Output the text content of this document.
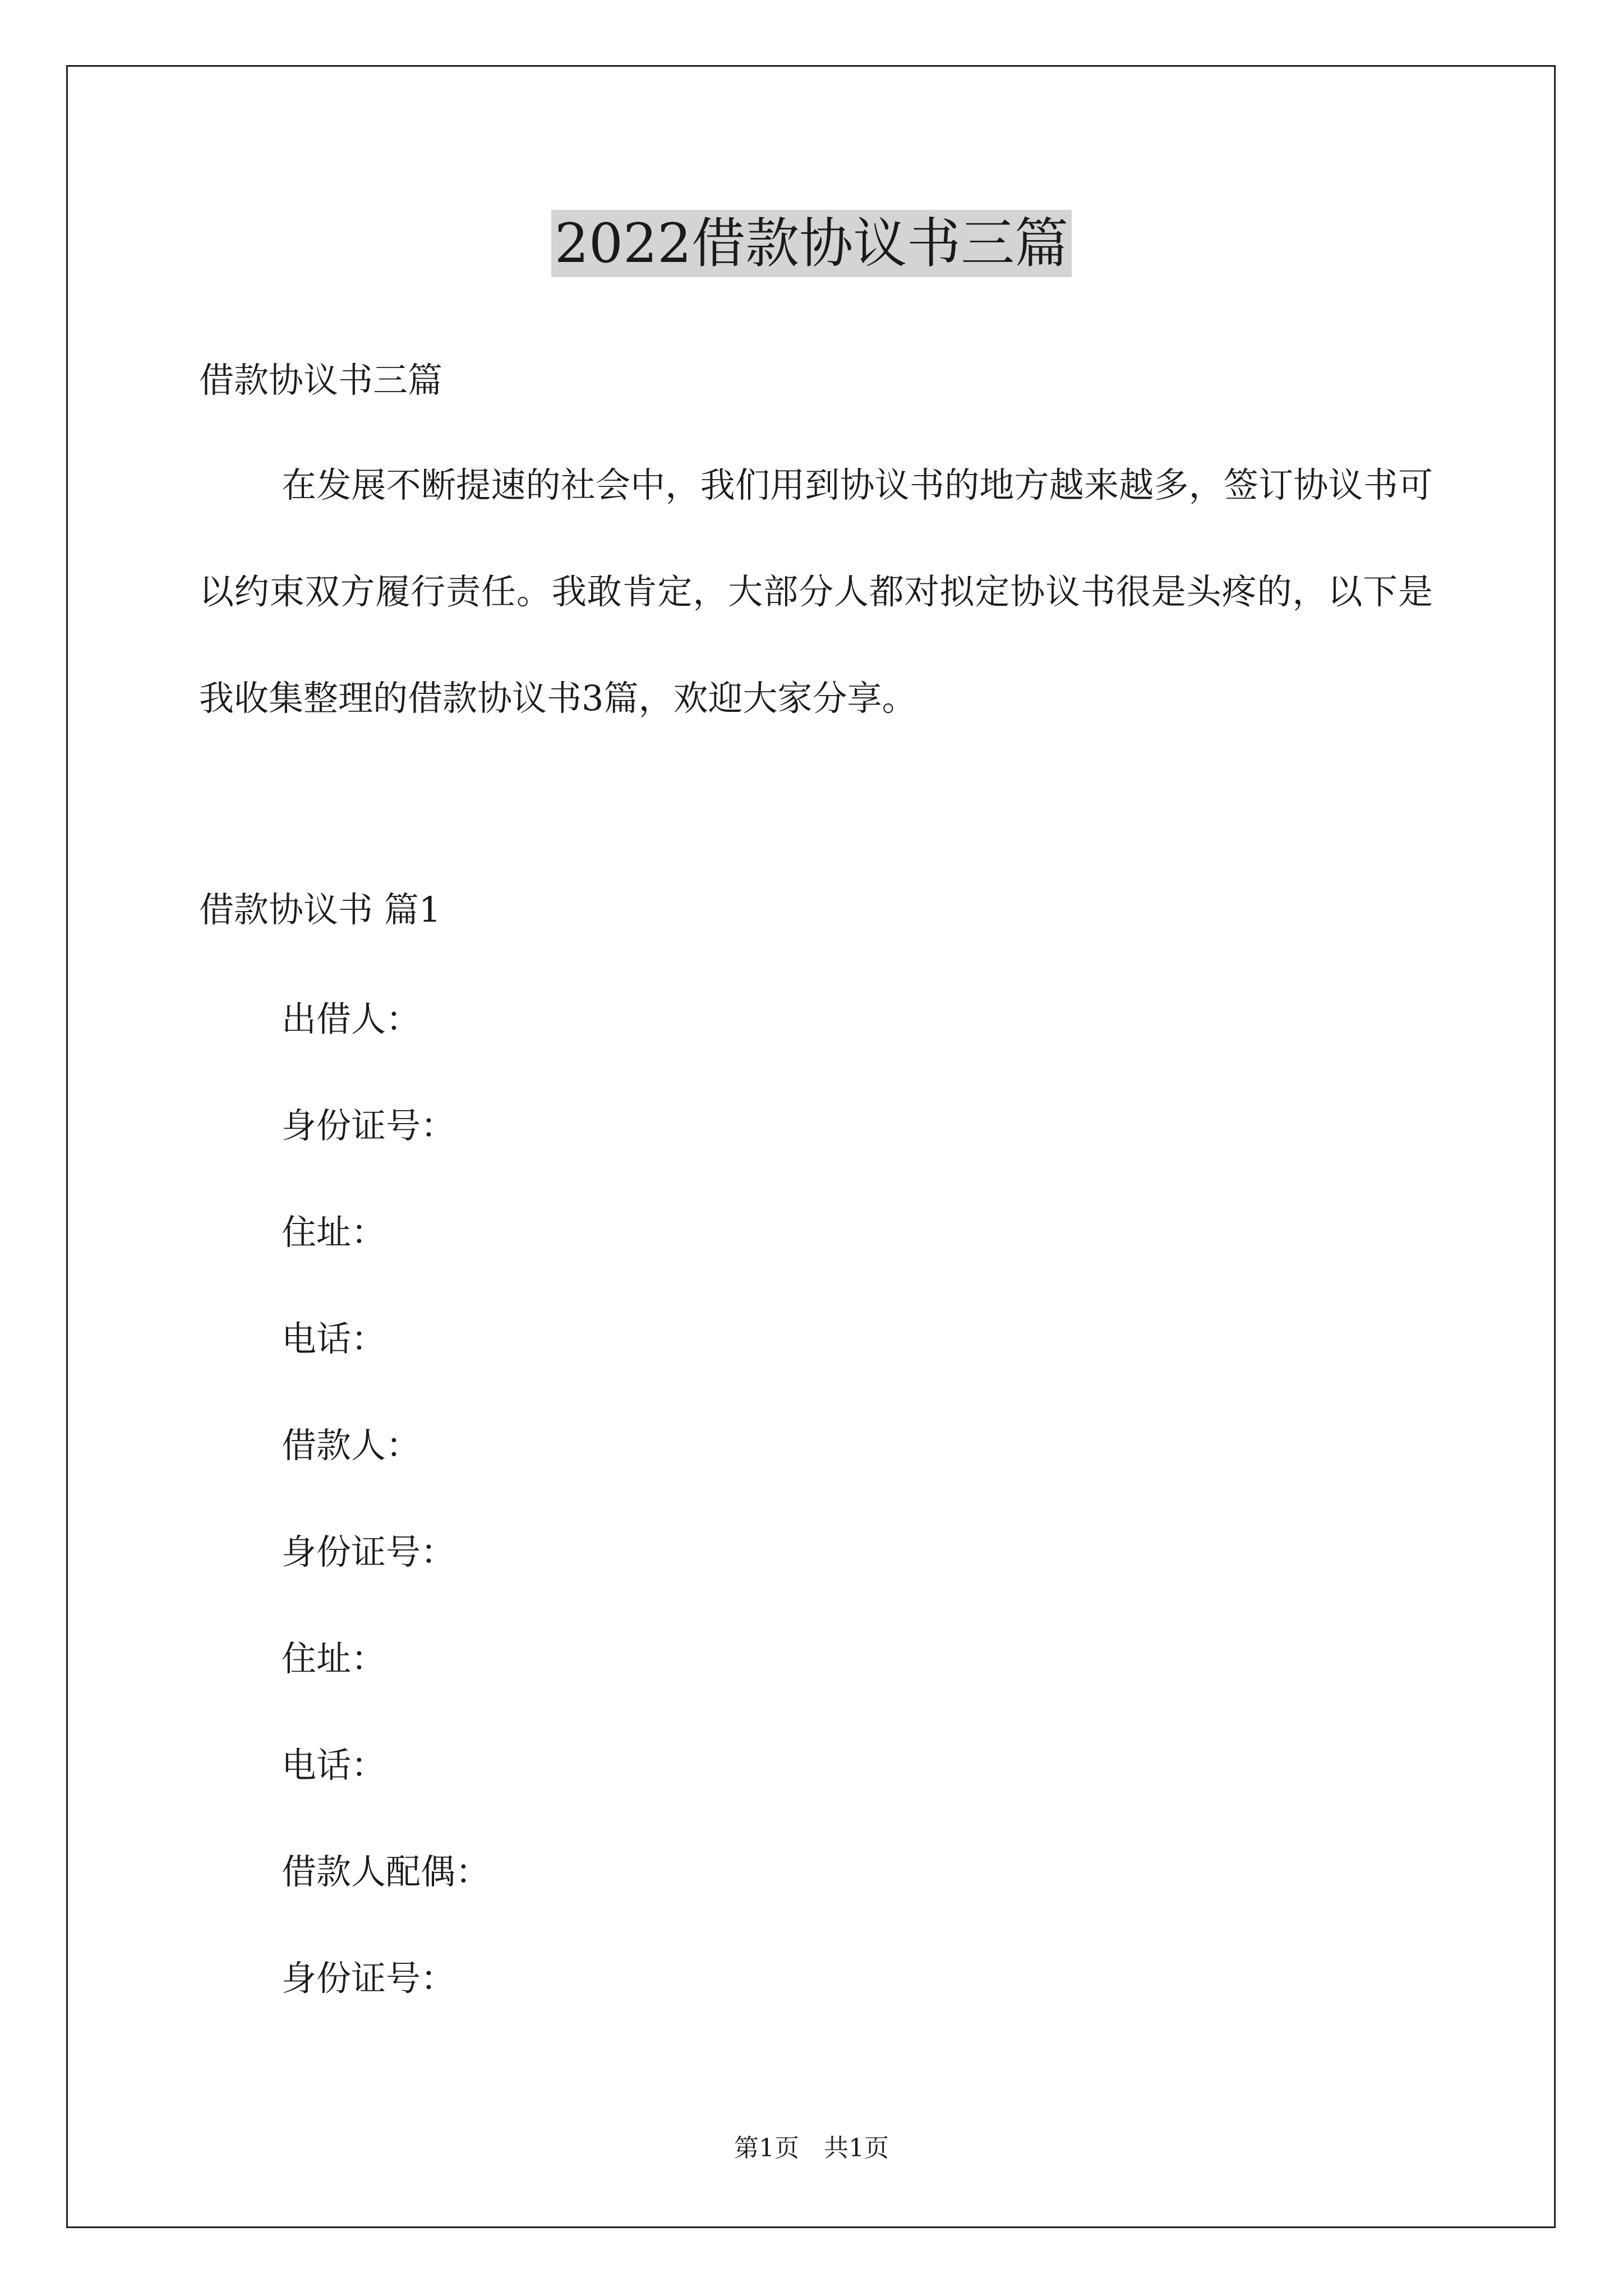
2022借款协议书三篇
借款协议书三篇
在发展不断提速的社会中，我们用到协议书的地方越来越多，签订协议书可以约束双方履行责任。我敢肯定，大部分人都对拟定协议书很是头疼的，以下是我收集整理的借款协议书3篇，欢迎大家分享。
借款协议书 篇1
出借人：
身份证号：
住址：
电话：
借款人：
身份证号：
住址：
电话：
借款人配偶：
身份证号：
第1页　共1页
